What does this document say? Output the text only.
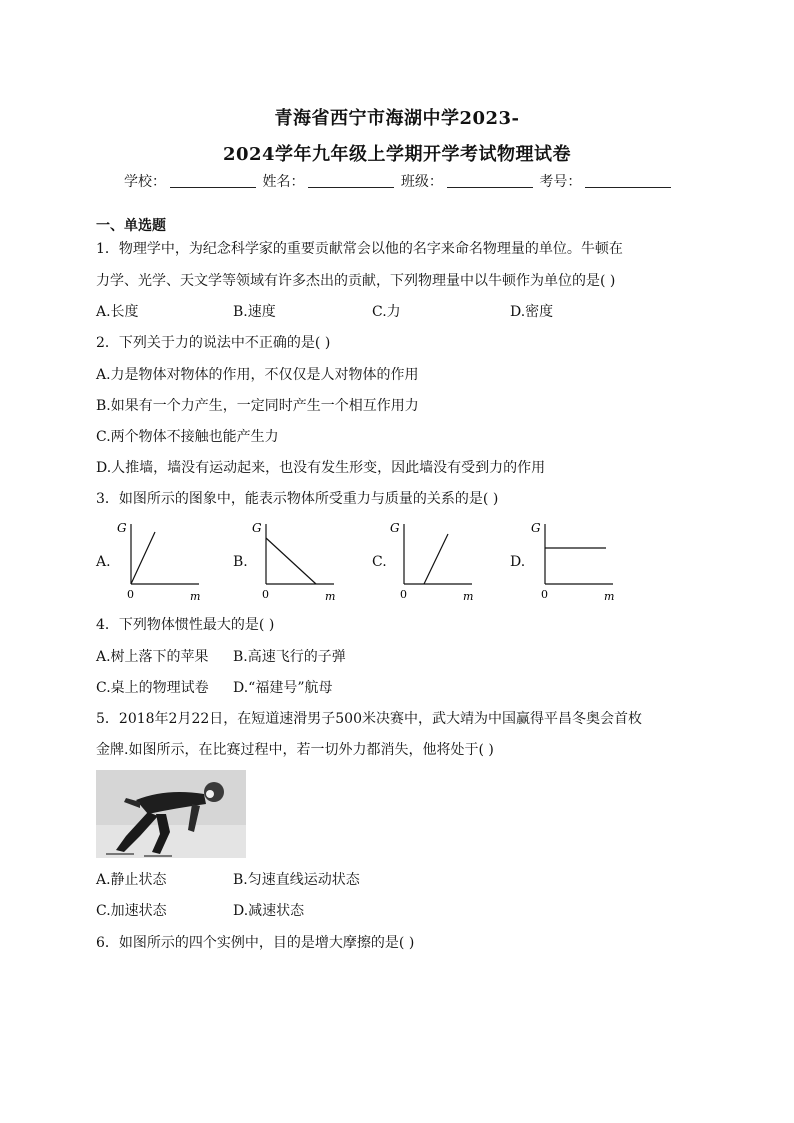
青海省西宁市海湖中学2023-
2024学年九年级上学期开学考试物理试卷
学校：	姓名：	班级：	考号：
一、单选题
1．物理学中，为纪念科学家的重要贡献常会以他的名字来命名物理量的单位。牛顿在
力学、光学、天文学等领域有许多杰出的贡献，下列物理量中以牛顿作为单位的是( )
A.长度	B.速度	C.力	D.密度
2．下列关于力的说法中不正确的是( )
A.力是物体对物体的作用，不仅仅是人对物体的作用
B.如果有一个力产生，一定同时产生一个相互作用力
C.两个物体不接触也能产生力
D.人推墙，墙没有运动起来，也没有发生形变，因此墙没有受到力的作用
3．如图所示的图象中，能表示物体所受重力与质量的关系的是( )
A.
G
0	m
B.
G
0	m
C.
G
0	m
D.
G
0	m
4．下列物体惯性最大的是( )
A.树上落下的苹果 B.高速飞行的子弹
C.桌上的物理试卷 D.“福建号”航母
5．2018年2月22日，在短道速滑男子500米决赛中，武大靖为中国赢得平昌冬奥会首枚
金牌.如图所示，在比赛过程中，若一切外力都消失，他将处于( )
A.静止状态	B.匀速直线运动状态
C.加速状态	D.减速状态
6．如图所示的四个实例中，目的是增大摩擦的是( )
